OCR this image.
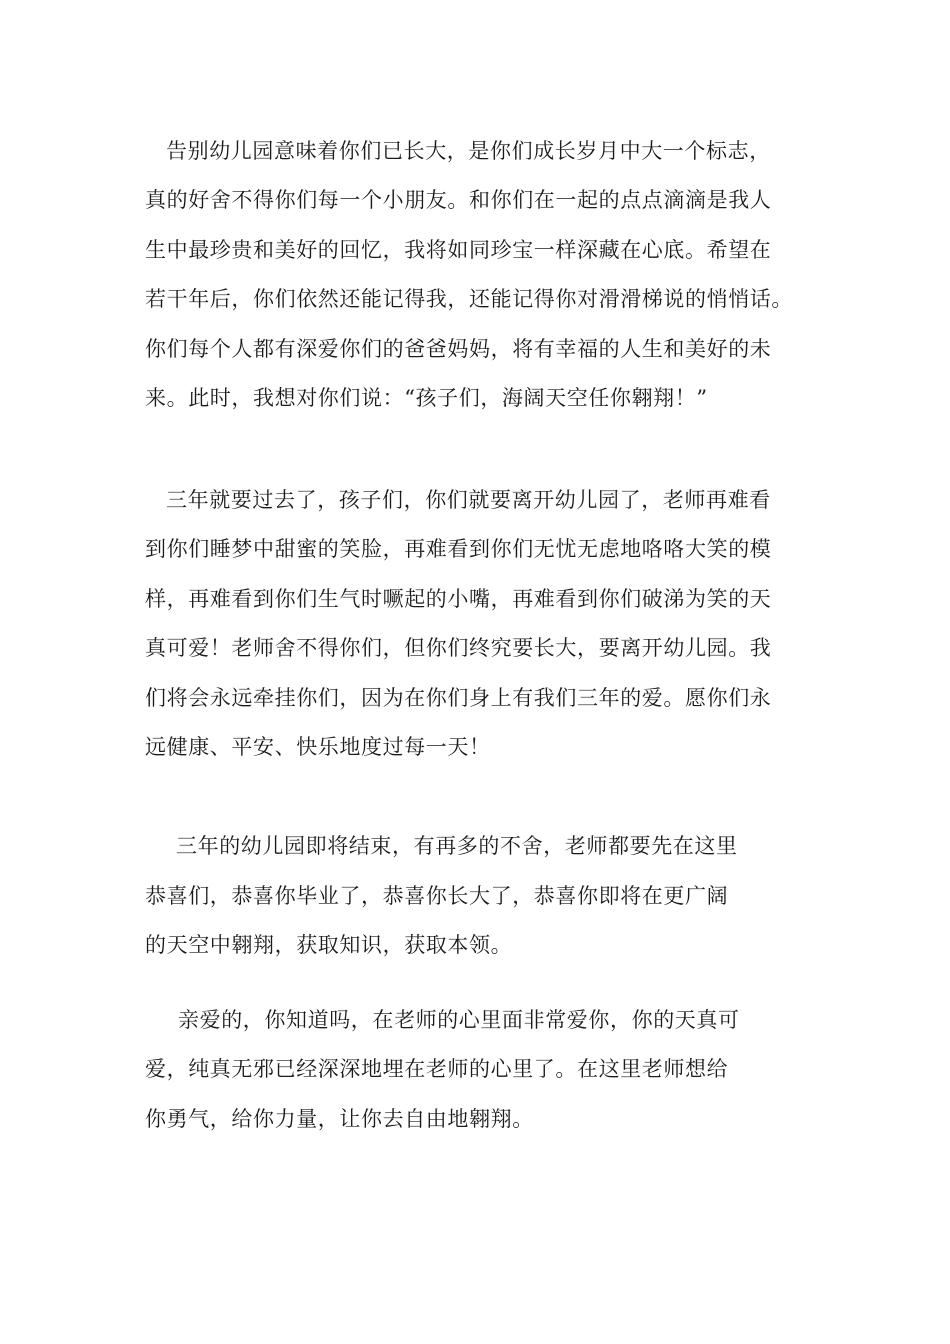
告别幼儿园意味着你们已长大，是你们成长岁月中大一个标志，
真的好舍不得你们每一个小朋友。和你们在一起的点点滴滴是我人
生中最珍贵和美好的回忆，我将如同珍宝一样深藏在心底。希望在
若干年后，你们依然还能记得我，还能记得你对滑滑梯说的悄悄话。
你们每个人都有深爱你们的爸爸妈妈，将有幸福的人生和美好的未
来。此时，我想对你们说：“孩子们，海阔天空任你翱翔！”
三年就要过去了，孩子们，你们就要离开幼儿园了，老师再难看
到你们睡梦中甜蜜的笑脸，再难看到你们无忧无虑地咯咯大笑的模
样，再难看到你们生气时噘起的小嘴，再难看到你们破涕为笑的天
真可爱！老师舍不得你们，但你们终究要长大，要离开幼儿园。我
们将会永远牵挂你们，因为在你们身上有我们三年的爱。愿你们永
远健康、平安、快乐地度过每一天！
三年的幼儿园即将结束，有再多的不舍，老师都要先在这里
恭喜们，恭喜你毕业了，恭喜你长大了，恭喜你即将在更广阔
的天空中翱翔，获取知识，获取本领。
亲爱的，你知道吗，在老师的心里面非常爱你，你的天真可
爱，纯真无邪已经深深地埋在老师的心里了。在这里老师想给
你勇气，给你力量，让你去自由地翱翔。
